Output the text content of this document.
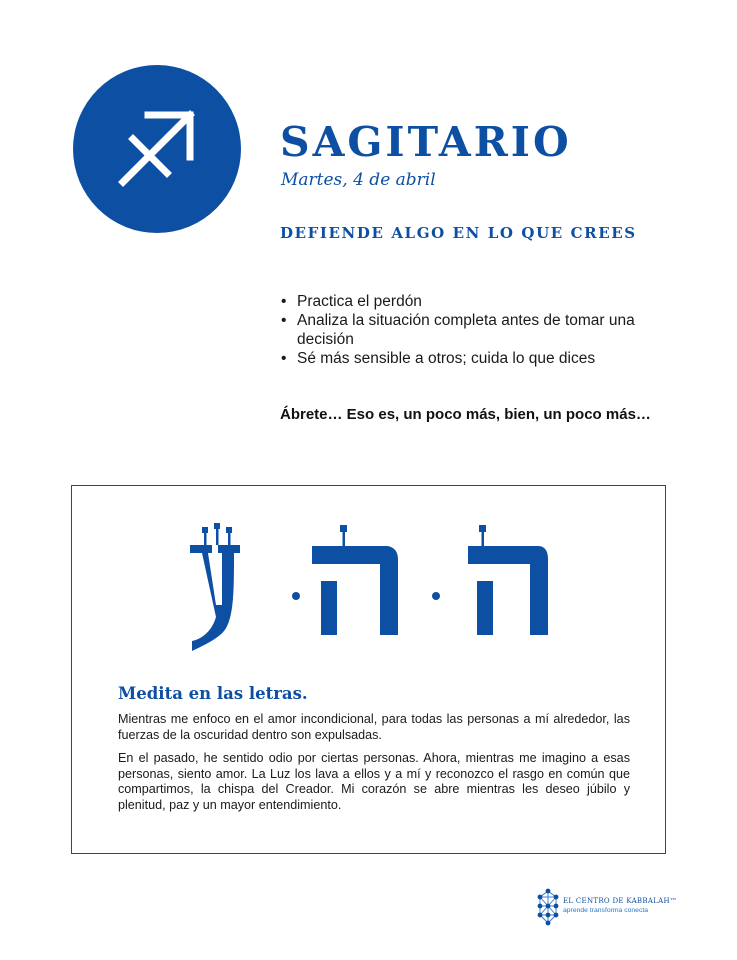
SAGITARIO
Martes, 4 de abril
DEFIENDE ALGO EN LO QUE CREES
• Practica el perdón
• Analiza la situación completa antes de tomar una decisión
• Sé más sensible a otros; cuida lo que dices
Ábrete… Eso es, un poco más, bien, un poco más…
Medita en las letras.

Mientras me enfoco en el amor incondicional, para todas las personas a mí alrededor, las fuerzas de la oscuridad dentro son expulsadas.

En el pasado, he sentido odio por ciertas personas. Ahora, mientras me imagino a esas personas, siento amor. La Luz los lava a ellos y a mí y reconozco el rasgo en común que compartimos, la chispa del Creador. Mi corazón se abre mientras les deseo júbilo y plenitud, paz y un mayor entendimiento.

EL CENTRO DE KABBALAH™
aprende transforma conecta
